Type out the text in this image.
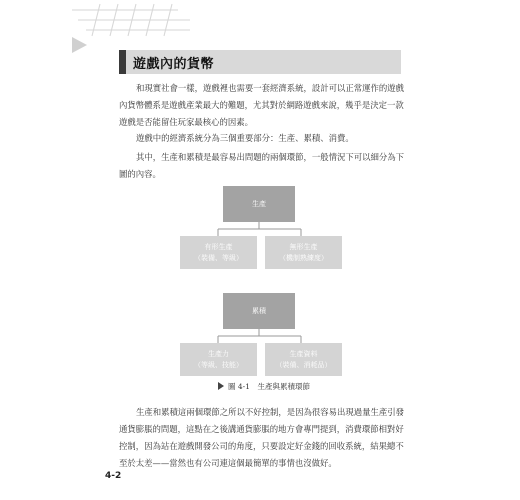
遊戲內的貨幣

和現實社會一樣，遊戲裡也需要一套經濟系統，設計可以正常運作的遊戲內貨幣體系是遊戲產業最大的難題，尤其對於網路遊戲來說，幾乎是決定一款遊戲是否能留住玩家最核心的因素。

遊戲中的經濟系統分為三個重要部分：生產、累積、消費。

其中，生產和累積是最容易出問題的兩個環節，一般情況下可以細分為下圖的內容。

生產
有形生產
（裝備、等級）
無形生產
（機制熟練度）
累積
生產力
（等級、技能）
生產資料
（裝備、消耗品）
圖 4-1　生產與累積環節

生產和累積這兩個環節之所以不好控制，是因為很容易出現過量生產引發通貨膨脹的問題，這點在之後講通貨膨脹的地方會專門提到，消費環節相對好控制，因為站在遊戲開發公司的角度，只要設定好金錢的回收系統，結果總不至於太差——當然也有公司連這個最簡單的事情也沒做好。

4-2
